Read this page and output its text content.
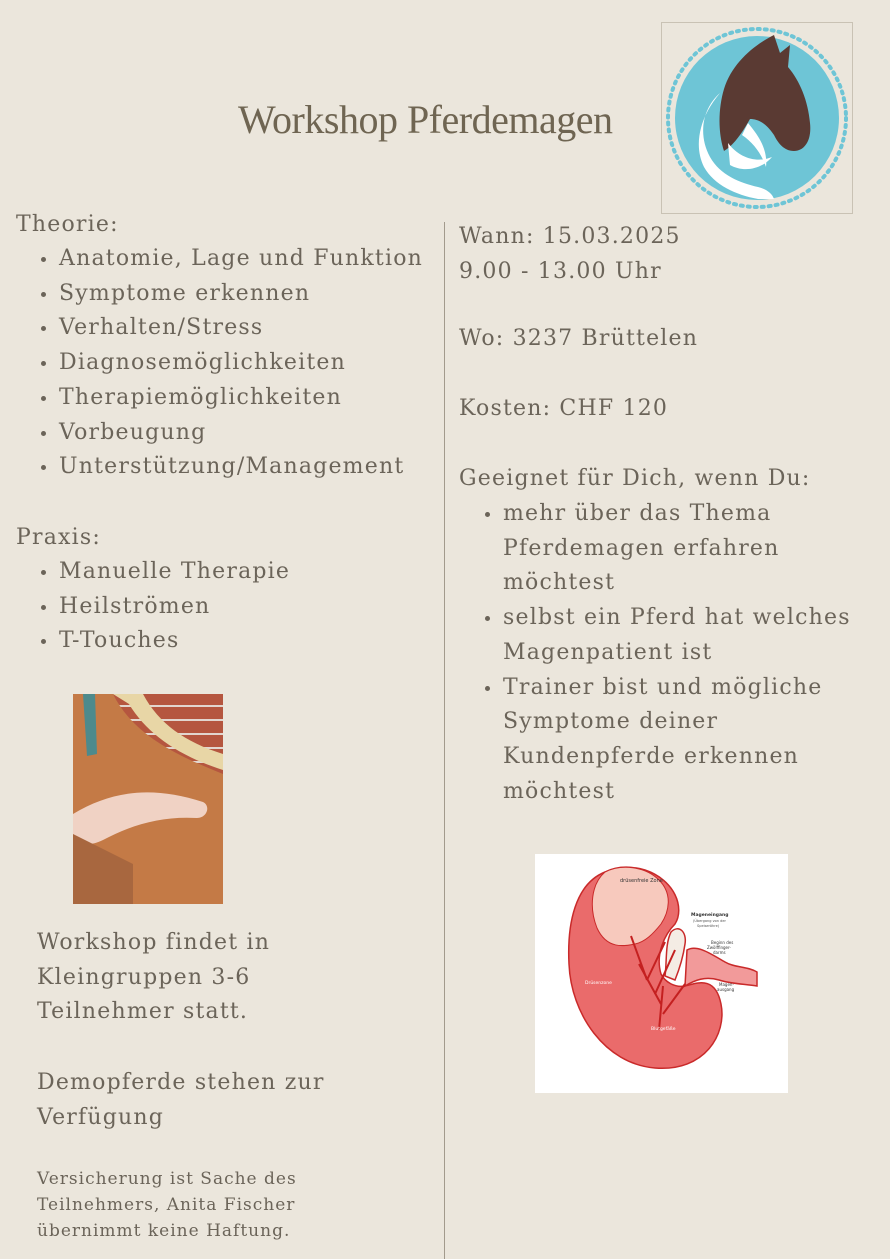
Workshop Pferdemagen
Theorie:
Anatomie, Lage und Funktion
Symptome erkennen
Verhalten/Stress
Diagnosemöglichkeiten
Therapiemöglichkeiten
Vorbeugung
Unterstützung/Management
Praxis:
Manuelle Therapie
Heilströmen
T-Touches
Workshop findet in
Kleingruppen 3-6
Teilnehmer statt.
Demopferde stehen zur
Verfügung
Versicherung ist Sache des
Teilnehmers, Anita Fischer
übernimmt keine Haftung.
Wann: 15.03.2025
9.00 - 13.00 Uhr
Wo: 3237 Brüttelen
Kosten: CHF 120
Geeignet für Dich, wenn Du:
mehr über das Thema
Pferdemagen erfahren
möchtest
selbst ein Pferd hat welches
Magenpatient ist
Trainer bist und mögliche
Symptome deiner
Kundenpferde erkennen
möchtest
drüsenfreie Zone
Mageneingang
(Übergang von der
Speiseröhre)
Beginn des
Zwölffinger-
darms
Magen-
ausgang
Drüsenzone
Blutgefäße
